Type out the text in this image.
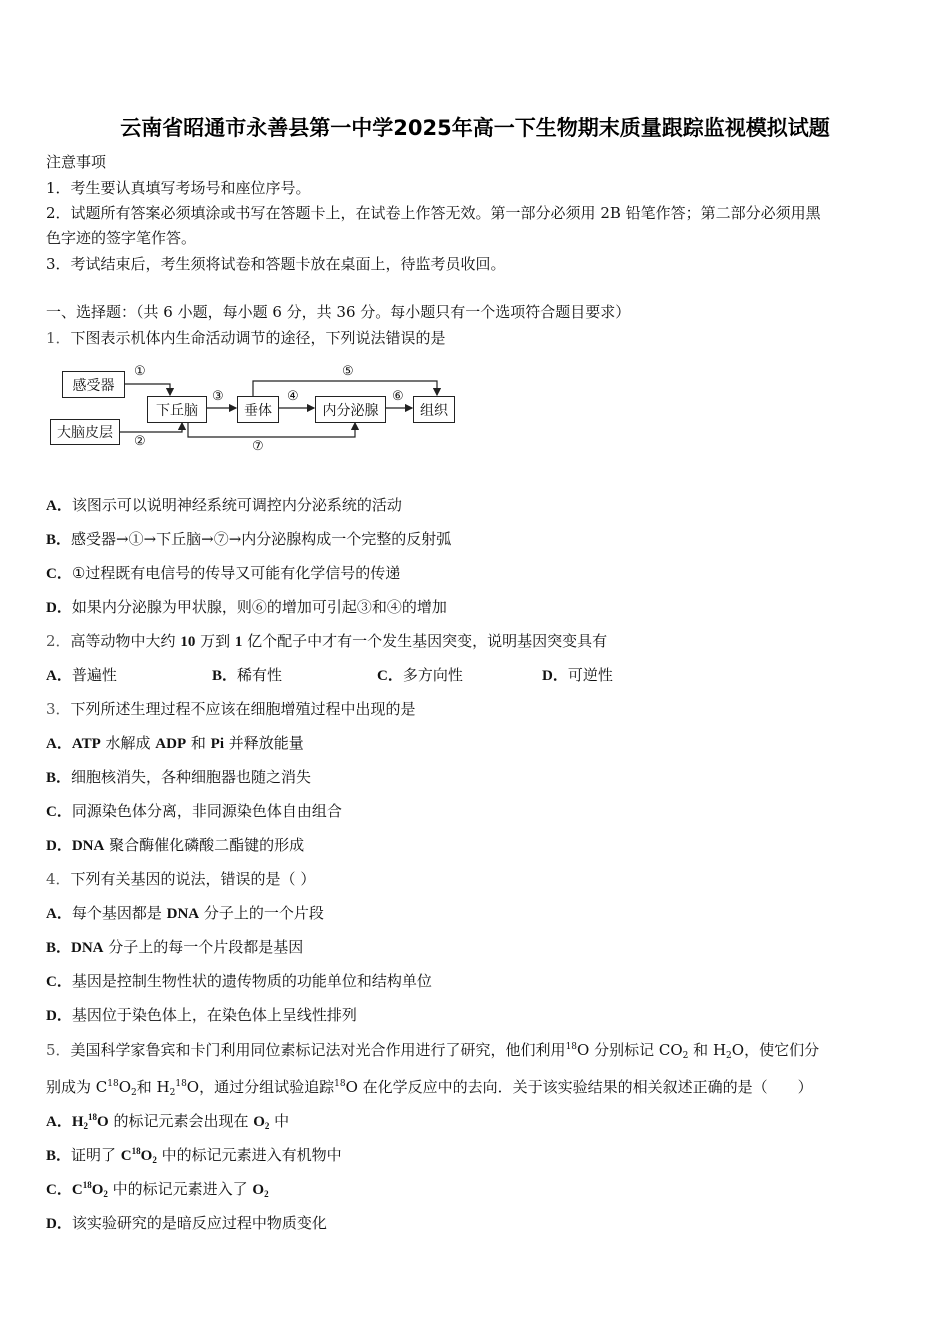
云南省昭通市永善县第一中学2025年高一下生物期末质量跟踪监视模拟试题
注意事项
1．考生要认真填写考场号和座位序号。
2．试题所有答案必须填涂或书写在答题卡上，在试卷上作答无效。第一部分必须用 2B 铅笔作答；第二部分必须用黑
色字迹的签字笔作答。
3．考试结束后，考生须将试卷和答题卡放在桌面上，待监考员收回。
一、选择题：（共 6 小题，每小题 6 分，共 36 分。每小题只有一个选项符合题目要求）
1．下图表示机体内生命活动调节的途径，下列说法错误的是
感受器
大脑皮层
下丘脑	垂体	内分泌腺	组织
①
②
③	④
⑤
⑥
⑦
A．该图示可以说明神经系统可调控内分泌系统的活动
B．感受器→①→下丘脑→⑦→内分泌腺构成一个完整的反射弧
C．①过程既有电信号的传导又可能有化学信号的传递
D．如果内分泌腺为甲状腺，则⑥的增加可引起③和④的增加
2．高等动物中大约 10 万到 1 亿个配子中才有一个发生基因突变，说明基因突变具有
A．普遍性	B．稀有性	C．多方向性	D．可逆性
3．下列所述生理过程不应该在细胞增殖过程中出现的是
A．ATP 水解成 ADP 和 Pi 并释放能量
B．细胞核消失，各种细胞器也随之消失
C．同源染色体分离，非同源染色体自由组合
D．DNA 聚合酶催化磷酸二酯键的形成
4．下列有关基因的说法，错误的是（ ）
A．每个基因都是 DNA 分子上的一个片段
B．DNA 分子上的每一个片段都是基因
C．基因是控制生物性状的遗传物质的功能单位和结构单位
D．基因位于染色体上，在染色体上呈线性排列
5．美国科学家鲁宾和卡门利用同位素标记法对光合作用进行了研究，他们利用$^{18}$O 分别标记 $CO_2$ 和 $H_2O$，使它们分
别成为 $C^{18}O_2$和 $H_2^{18}O$，通过分组试验追踪$^{18}$O 在化学反应中的去向．关于该实验结果的相关叙述正确的是（　　）
A．$H_2^{18}O$ 的标记元素会出现在 $O_2$ 中
B．证明了 $C^{18}O_2$ 中的标记元素进入有机物中
C．$C^{18}O_2$ 中的标记元素进入了 $O_2$
D．该实验研究的是暗反应过程中物质变化
